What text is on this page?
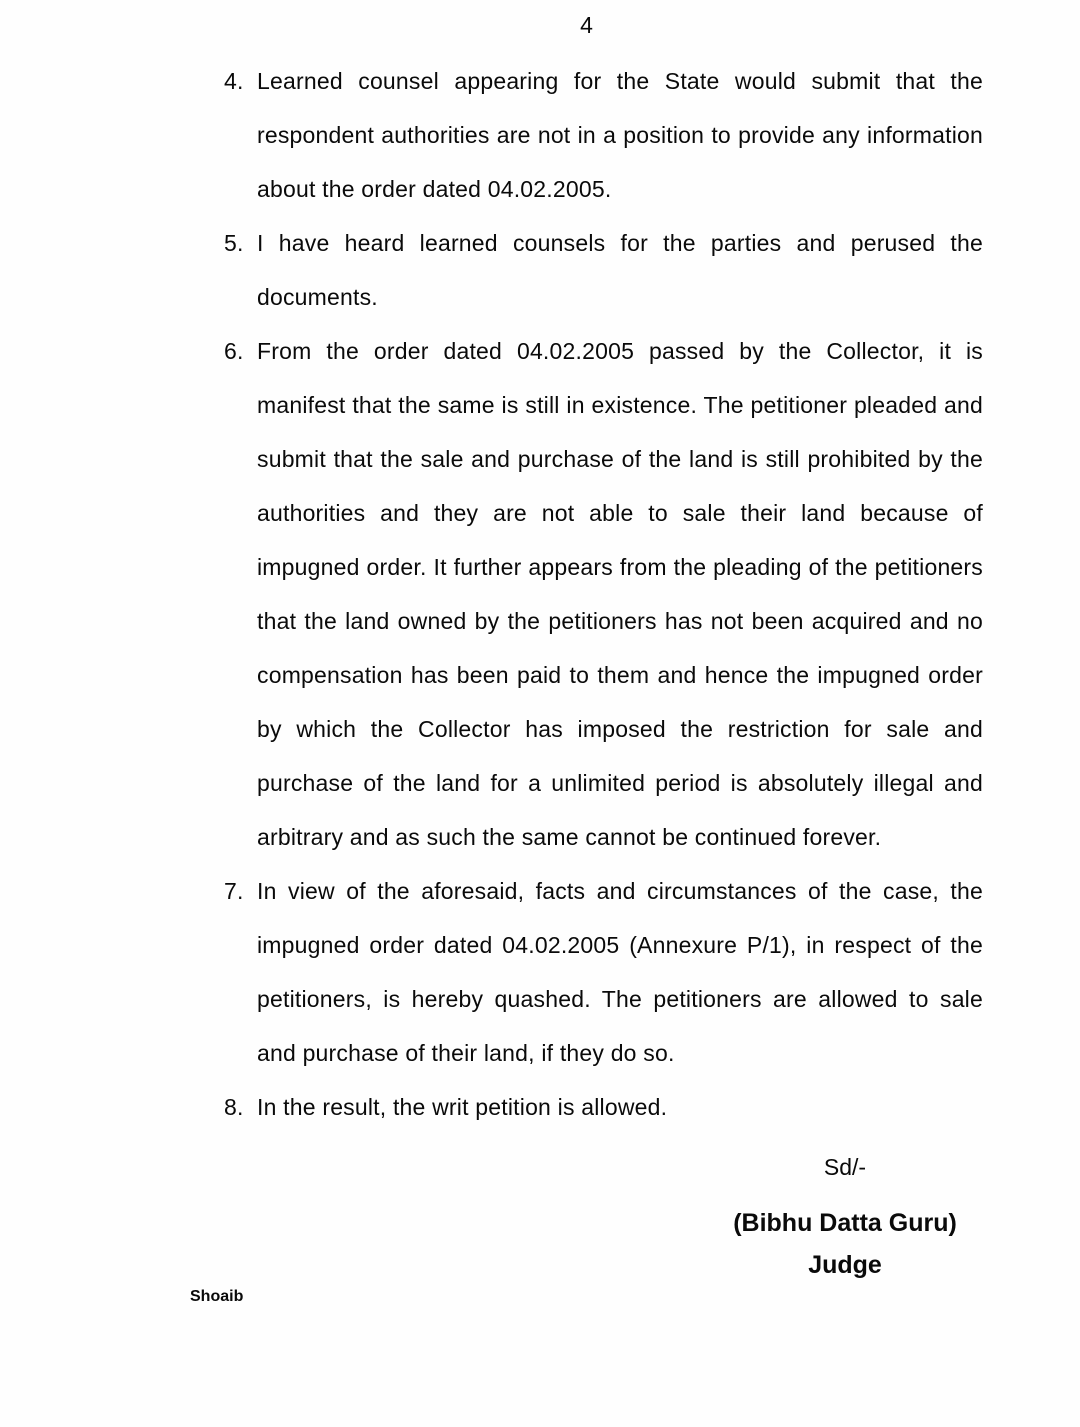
4
4. Learned counsel appearing for the State would submit that the respondent authorities are not in a position to provide any information about the order dated 04.02.2005.
5. I have heard learned counsels for the parties and perused the documents.
6. From the order dated 04.02.2005 passed by the Collector, it is manifest that the same is still in existence. The petitioner pleaded and submit that the sale and purchase of the land is still prohibited by the authorities and they are not able to sale their land because of impugned order. It further appears from the pleading of the petitioners that the land owned by the petitioners has not been acquired and no compensation has been paid to them and hence the impugned order by which the Collector has imposed the restriction for sale and purchase of the land for a unlimited period is absolutely illegal and arbitrary and as such the same cannot be continued forever.
7. In view of the aforesaid, facts and circumstances of the case, the impugned order dated 04.02.2005 (Annexure P/1), in respect of the petitioners, is hereby quashed. The petitioners are allowed to sale and purchase of their land, if they do so.
8. In the result, the writ petition is allowed.
Sd/-
(Bibhu Datta Guru)
Judge
Shoaib
